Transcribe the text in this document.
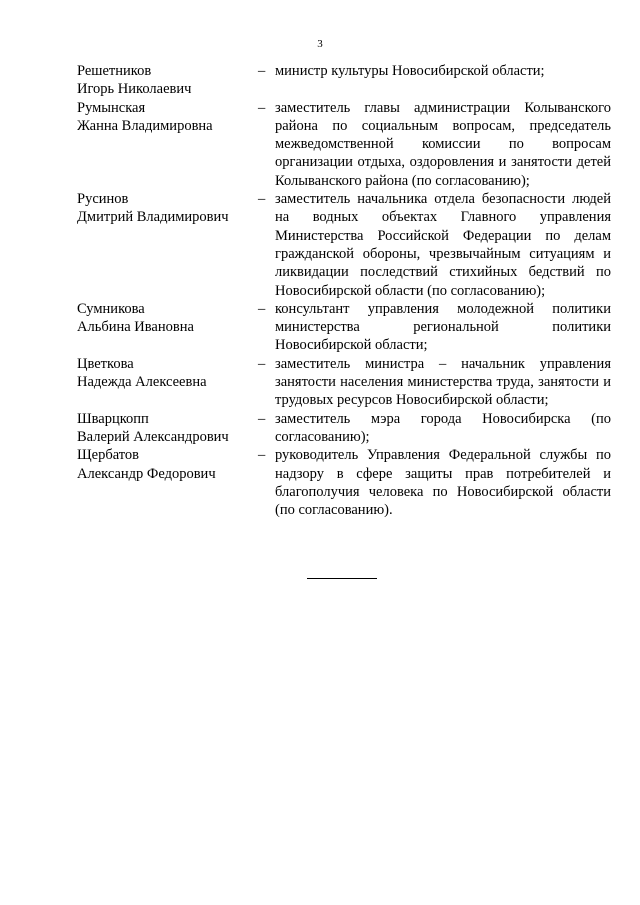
3
Решетников
Игорь Николаевич
– министр культуры Новосибирской области;
Румынская
Жанна Владимировна
– заместитель главы администрации Колыванского района по социальным вопросам, председатель межведомственной комиссии по вопросам организации отдыха, оздоровления и занятости детей Колыванского района (по согласованию);
Русинов
Дмитрий Владимирович
– заместитель начальника отдела безопасности людей на водных объектах Главного управления Министерства Российской Федерации по делам гражданской обороны, чрезвычайным ситуациям и ликвидации последствий стихийных бедствий по Новосибирской области (по согласованию);
Сумникова
Альбина Ивановна
– консультант управления молодежной политики министерства региональной политики Новосибирской области;
Цветкова
Надежда Алексеевна
– заместитель министра – начальник управления занятости населения министерства труда, занятости и трудовых ресурсов Новосибирской области;
Шварцкопп
Валерий Александрович
– заместитель мэра города Новосибирска (по согласованию);
Щербатов
Александр Федорович
– руководитель Управления Федеральной службы по надзору в сфере защиты прав потребителей и благополучия человека по Новосибирской области (по согласованию).
